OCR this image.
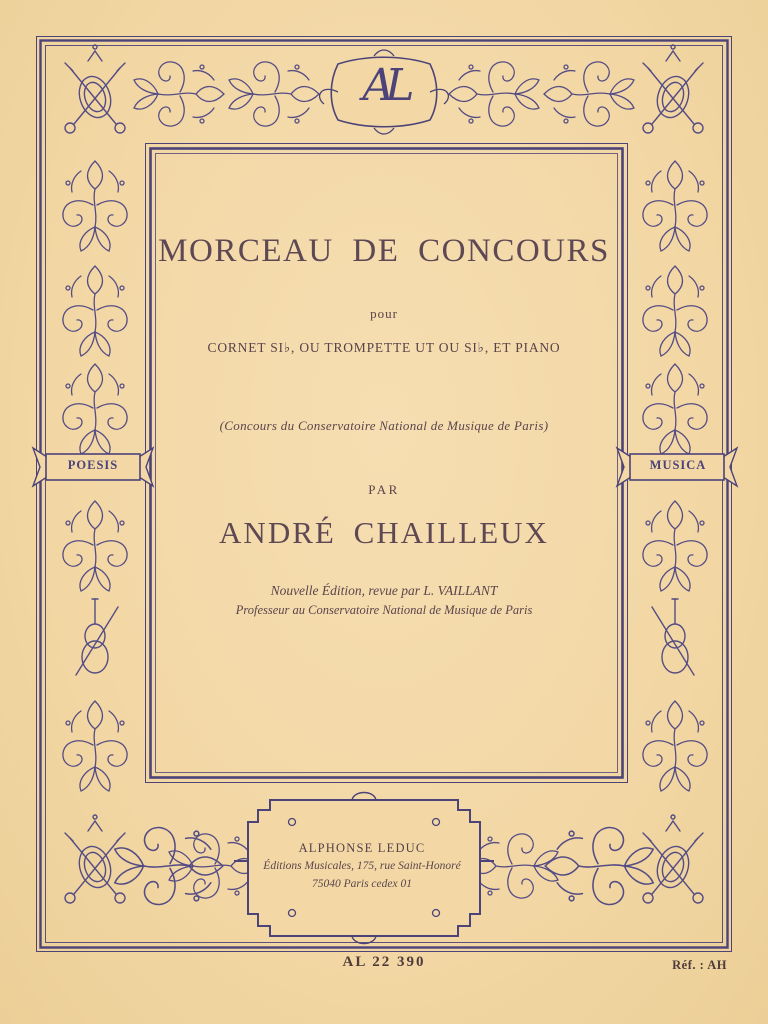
AL
POESIS	MUSICA
MORCEAU DE CONCOURS
pour
CORNET SI♭, OU TROMPETTE UT OU SI♭, ET PIANO
(Concours du Conservatoire National de Musique de Paris)
PAR
ANDRÉ CHAILLEUX
Nouvelle Édition, revue par L. VAILLANT
Professeur au Conservatoire National de Musique de Paris
ALPHONSE LEDUC
Éditions Musicales, 175, rue Saint-Honoré
75040 Paris cedex 01
AL 22 390	Réf. : AH
